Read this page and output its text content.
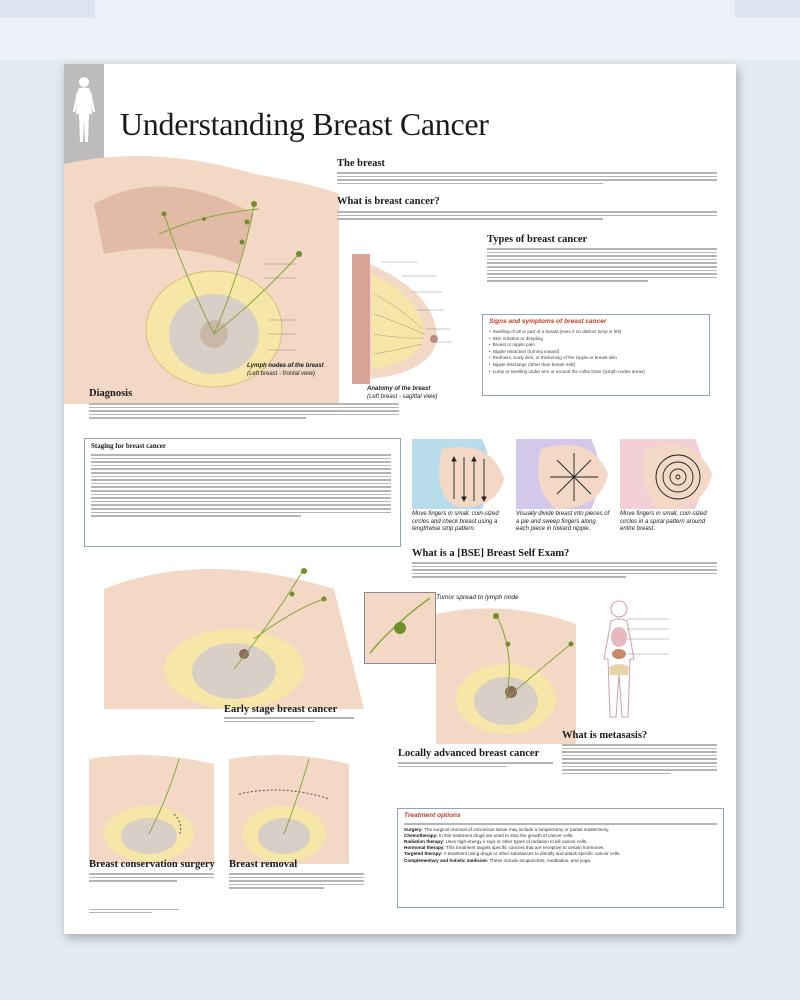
Understanding Breast Cancer
Lymph nodes of the breast
(Left breast - frontal view)
The breast
What is breast cancer?
Anatomy of the breast
(Left breast - sagittal view)
Types of breast cancer
Signs and symptoms of breast cancer
• Swelling of all or part of a breast (even if no distinct lump is felt)
• Skin irritation or dimpling
• Breast or nipple pain
• Nipple retraction (turning inward)
• Redness, scaly skin, or thickening of the nipple or breast skin
• Nipple discharge (other than breast milk)
• Lump or swelling under arm or around the collar bone (lymph nodes areas)
Diagnosis
Staging for breast cancer
Move fingers in small, coin-sized circles and check breast using a lengthwise strip pattern.
Visually divide breast into pieces of a pie and sweep fingers along each piece in toward nipple.
Move fingers in small, coin-sized circles in a spiral pattern around entire breast.
What is a [BSE] Breast Self Exam?
Early stage breast cancer
Tumor spread to lymph node
Locally advanced breast cancer
What is metasasis?
Breast conservation surgery Breast removal
Treatment options
Surgery: The surgical removal of cancerous tissue may include a lumpectomy or partial mastectomy.
Chemotherapy: In this treatment drugs are used to stop the growth of cancer cells.
Radiation therapy: Uses high-energy x-rays or other types of radiation to kill cancer cells.
Hormonal therapy: This treatment targets specific cancers that are receptive to certain hormones.
Targeted therapy: A treatment using drugs or other substances to identify and attack specific cancer cells.
Complementary and holistic medicine: These include acupuncture, meditation, and yoga.
